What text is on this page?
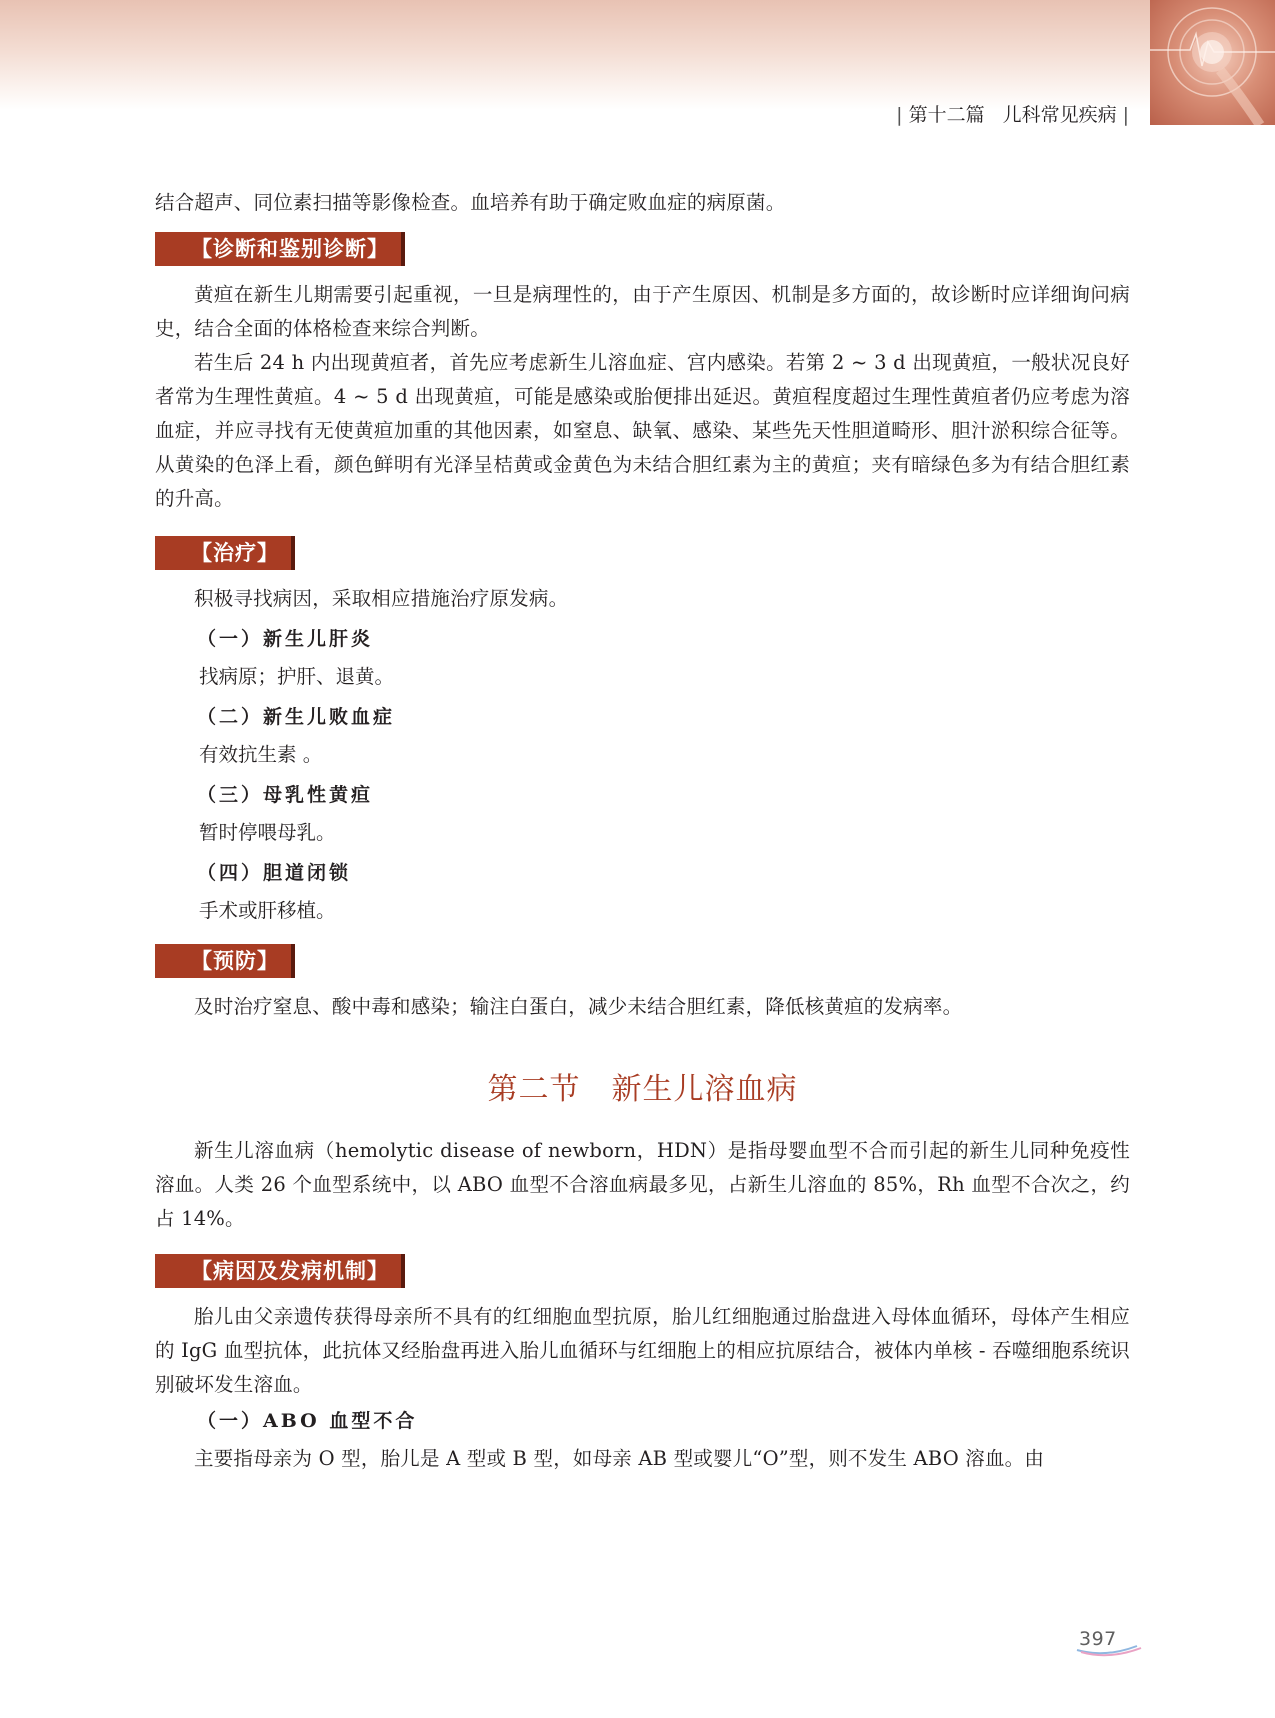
| 第十二篇 儿科常见疾病 |

结合超声、同位素扫描等影像检查。血培养有助于确定败血症的病原菌。

【诊断和鉴别诊断】

黄疸在新生儿期需要引起重视，一旦是病理性的，由于产生原因、机制是多方面的，故诊断时应详细询问病史，结合全面的体格检查来综合判断。

若生后 24 h 内出现黄疸者，首先应考虑新生儿溶血症、宫内感染。若第 2 ~ 3 d 出现黄疸，一般状况良好者常为生理性黄疸。4 ~ 5 d 出现黄疸，可能是感染或胎便排出延迟。黄疸程度超过生理性黄疸者仍应考虑为溶血症，并应寻找有无使黄疸加重的其他因素，如窒息、缺氧、感染、某些先天性胆道畸形、胆汁淤积综合征等。从黄染的色泽上看，颜色鲜明有光泽呈桔黄或金黄色为未结合胆红素为主的黄疸；夹有暗绿色多为有结合胆红素的升高。

【治疗】

积极寻找病因，采取相应措施治疗原发病。

（一）新生儿肝炎

找病原；护肝、退黄。

（二）新生儿败血症

有效抗生素 。

（三）母乳性黄疸

暂时停喂母乳。

（四）胆道闭锁

手术或肝移植。

【预防】

及时治疗窒息、酸中毒和感染；输注白蛋白，减少未结合胆红素，降低核黄疸的发病率。

第二节　新生儿溶血病

新生儿溶血病（hemolytic disease of newborn，HDN）是指母婴血型不合而引起的新生儿同种免疫性溶血。人类 26 个血型系统中，以 ABO 血型不合溶血病最多见，占新生儿溶血的 85%，Rh 血型不合次之，约占 14%。

【病因及发病机制】

胎儿由父亲遗传获得母亲所不具有的红细胞血型抗原，胎儿红细胞通过胎盘进入母体血循环，母体产生相应的 IgG 血型抗体，此抗体又经胎盘再进入胎儿血循环与红细胞上的相应抗原结合，被体内单核 - 吞噬细胞系统识别破坏发生溶血。

（一）ABO 血型不合

主要指母亲为 O 型，胎儿是 A 型或 B 型，如母亲 AB 型或婴儿“O”型，则不发生 ABO 溶血。由

397
